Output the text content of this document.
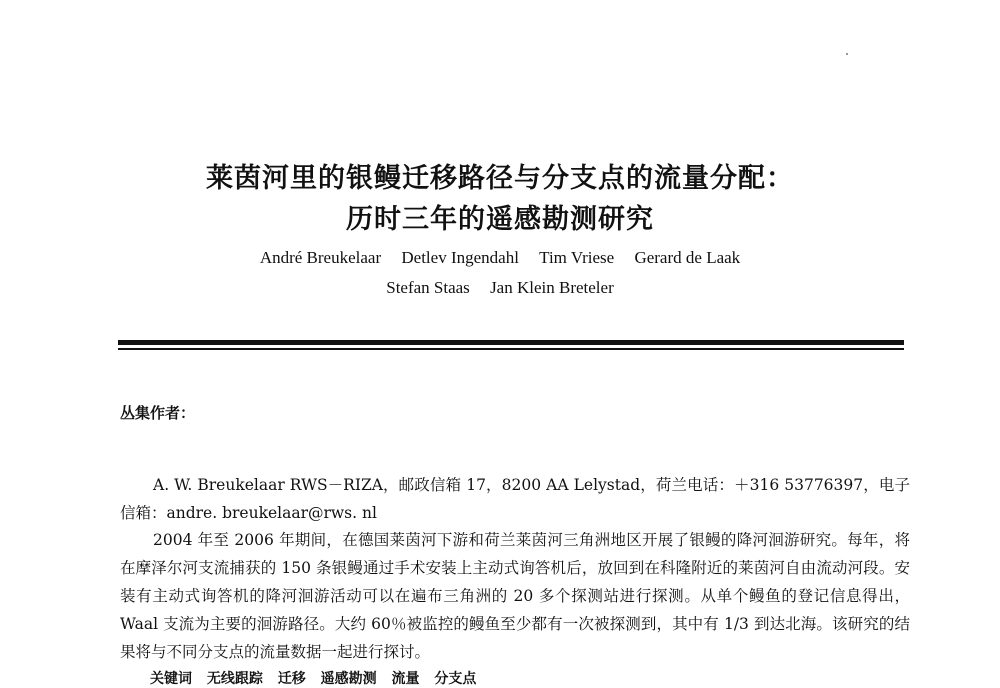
莱茵河里的银鳗迁移路径与分支点的流量分配：
历时三年的遥感勘测研究
André Breukelaar Detlev Ingendahl Tim Vriese Gerard de Laak
Stefan Staas Jan Klein Breteler
丛集作者：

A. W. Breukelaar RWS－RIZA，邮政信箱 17，8200 AA Lelystad，荷兰电话：＋316 53776397，电子信箱：andre. breukelaar@rws. nl

2004 年至 2006 年期间，在德国莱茵河下游和荷兰莱茵河三角洲地区开展了银鳗的降河洄游研究。每年，将在摩泽尔河支流捕获的 150 条银鳗通过手术安装上主动式询答机后，放回到在科隆附近的莱茵河自由流动河段。安装有主动式询答机的降河洄游活动可以在遍布三角洲的 20 多个探测站进行探测。从单个鳗鱼的登记信息得出，Waal 支流为主要的洄游路径。大约 60％被监控的鳗鱼至少都有一次被探测到，其中有 1/3 到达北海。该研究的结果将与不同分支点的流量数据一起进行探讨。

关键词 无线跟踪 迁移 遥感勘测 流量 分支点
